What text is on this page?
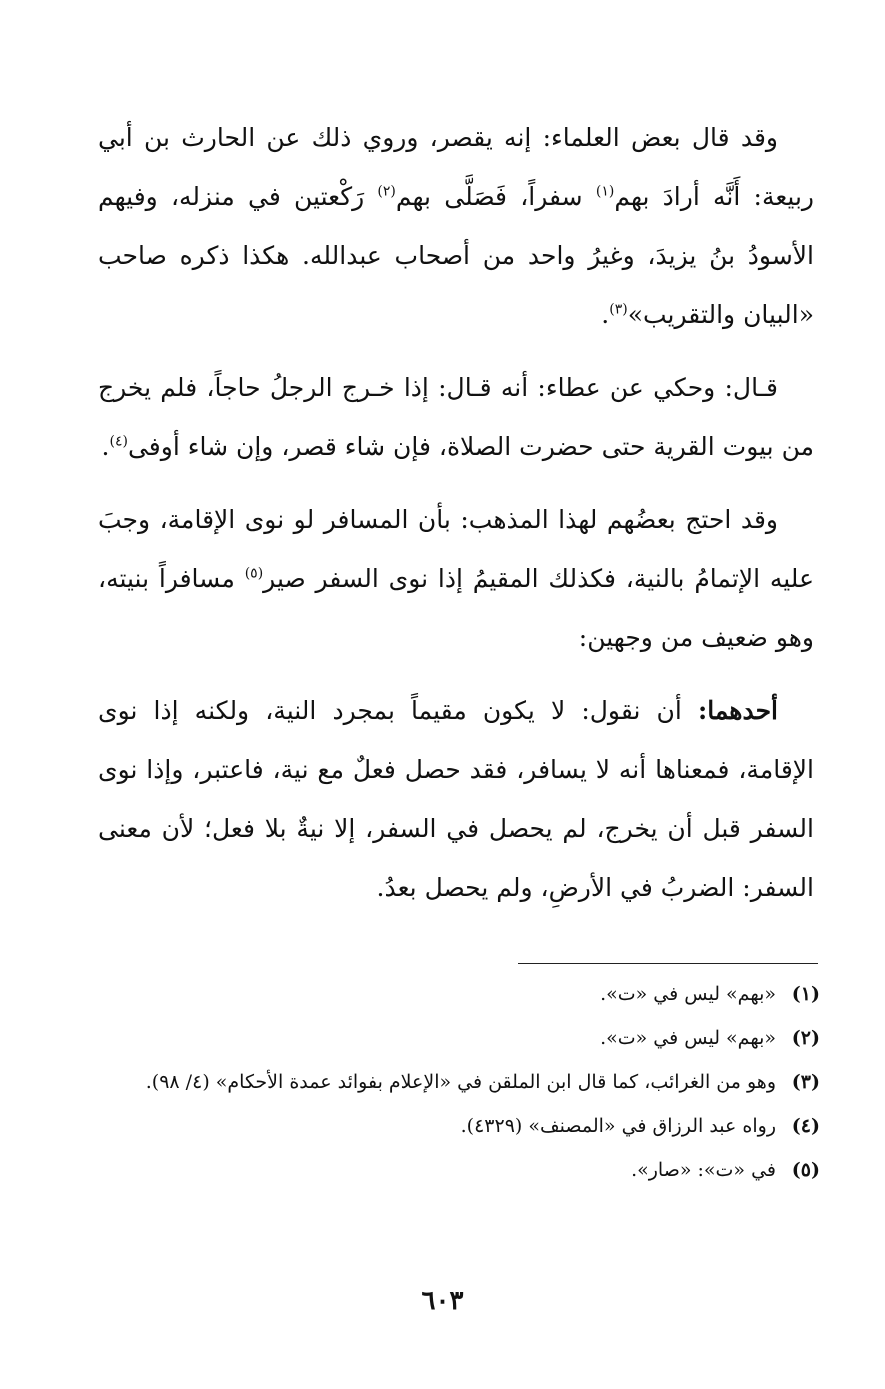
وقد قال بعض العلماء: إنه يقصر، وروي ذلك عن الحارث بن أبي ربيعة: أَنَّه أرادَ بهم$^{(١)}$ سفراً، فَصَلَّى بهم$^{(٢)}$ رَكْعتين في منزله، وفيهم الأسودُ بنُ يزيدَ، وغيرُ واحد من أصحاب عبدالله. هكذا ذكره صاحب «البيان والتقريب»$^{(٣)}$.

قـال: وحكي عن عطاء: أنه قـال: إذا خـرج الرجلُ حاجاً، فلم يخرج من بيوت القرية حتى حضرت الصلاة، فإن شاء قصر، وإن شاء أوفى$^{(٤)}$.

وقد احتج بعضُهم لهذا المذهب: بأن المسافر لو نوى الإقامة، وجبَ عليه الإتمامُ بالنية، فكذلك المقيمُ إذا نوى السفر صير$^{(٥)}$ مسافراً بنيته، وهو ضعيف من وجهين:

أحدهما: أن نقول: لا يكون مقيماً بمجرد النية، ولكنه إذا نوى الإقامة، فمعناها أنه لا يسافر، فقد حصل فعلٌ مع نية، فاعتبر، وإذا نوى السفر قبل أن يخرج، لم يحصل في السفر، إلا نيةٌ بلا فعل؛ لأن معنى السفر: الضربُ في الأرضِ، ولم يحصل بعدُ.

(١)
«بهم» ليس في «ت».
(٢)
«بهم» ليس في «ت».
(٣)
وهو من الغرائب، كما قال ابن الملقن في «الإعلام بفوائد عمدة الأحكام» (٤/ ٩٨).
(٤)
رواه عبد الرزاق في «المصنف» (٤٣٢٩).
(٥)
في «ت»: «صار».
٦٠٣
